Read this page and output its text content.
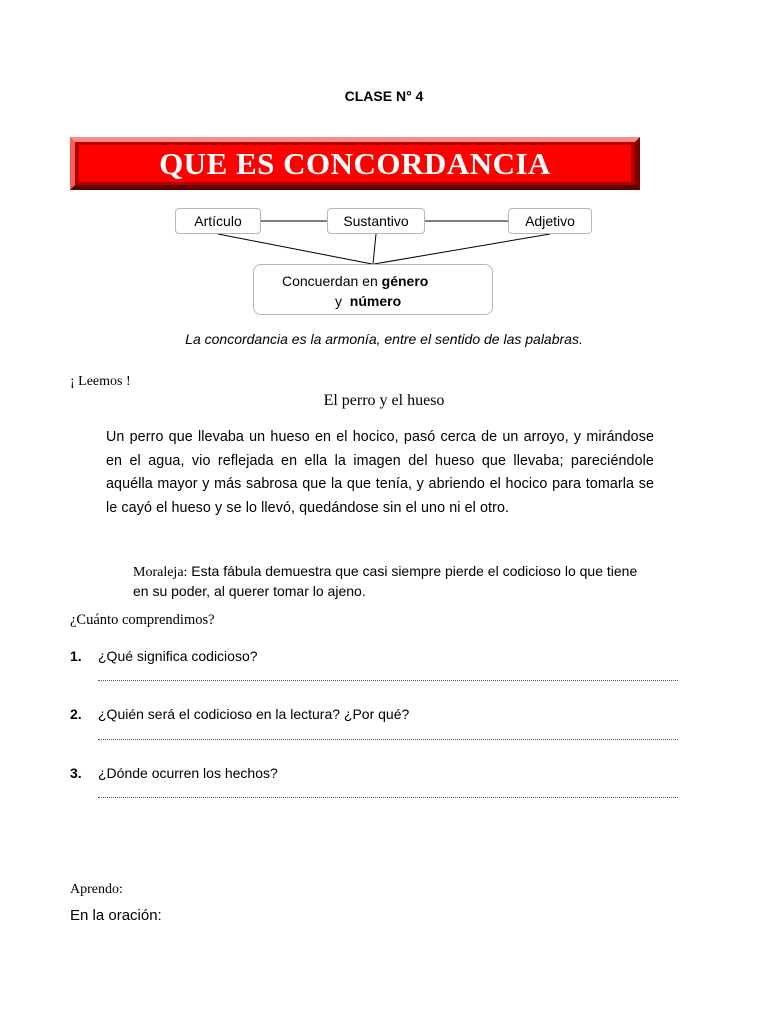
CLASE N° 4
QUE ES CONCORDANCIA
Artículo	Sustantivo	Adjetivo
Concuerdan en género
y número
La concordancia es la armonía, entre el sentido de las palabras.
¡ Leemos !
El perro y el hueso
Un perro que llevaba un hueso en el hocico, pasó cerca de un arroyo, y mirándose en el agua, vio reflejada en ella la imagen del hueso que llevaba; pareciéndole aquélla mayor y más sabrosa que la que tenía, y abriendo el hocico para tomarla se le cayó el hueso y se lo llevó, quedándose sin el uno ni el otro.
Moraleja: Esta fábula demuestra que casi siempre pierde el codicioso lo que tiene en su poder, al querer tomar lo ajeno.
¿Cuánto comprendimos?
1. ¿Qué significa codicioso?
2. ¿Quién será el codicioso en la lectura? ¿Por qué?
3. ¿Dónde ocurren los hechos?
Aprendo:
En la oración:
